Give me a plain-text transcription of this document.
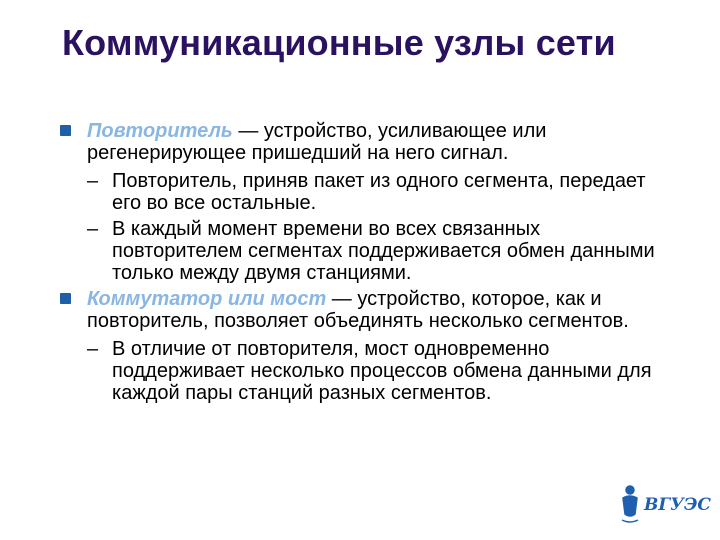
Коммуникационные узлы сети
Повторитель — устройство, усиливающее или регенерирующее пришедший на него сигнал.
– Повторитель, приняв пакет из одного сегмента, передает его во все остальные.
– В каждый момент времени во всех связанных повторителем сегментах поддерживается обмен данными только между двумя станциями.
Коммутатор или мост — устройство, которое, как и повторитель, позволяет объединять несколько сегментов.
– В отличие от повторителя, мост одновременно поддерживает несколько процессов обмена данными для каждой пары станций разных сегментов.
ВГУЭС
